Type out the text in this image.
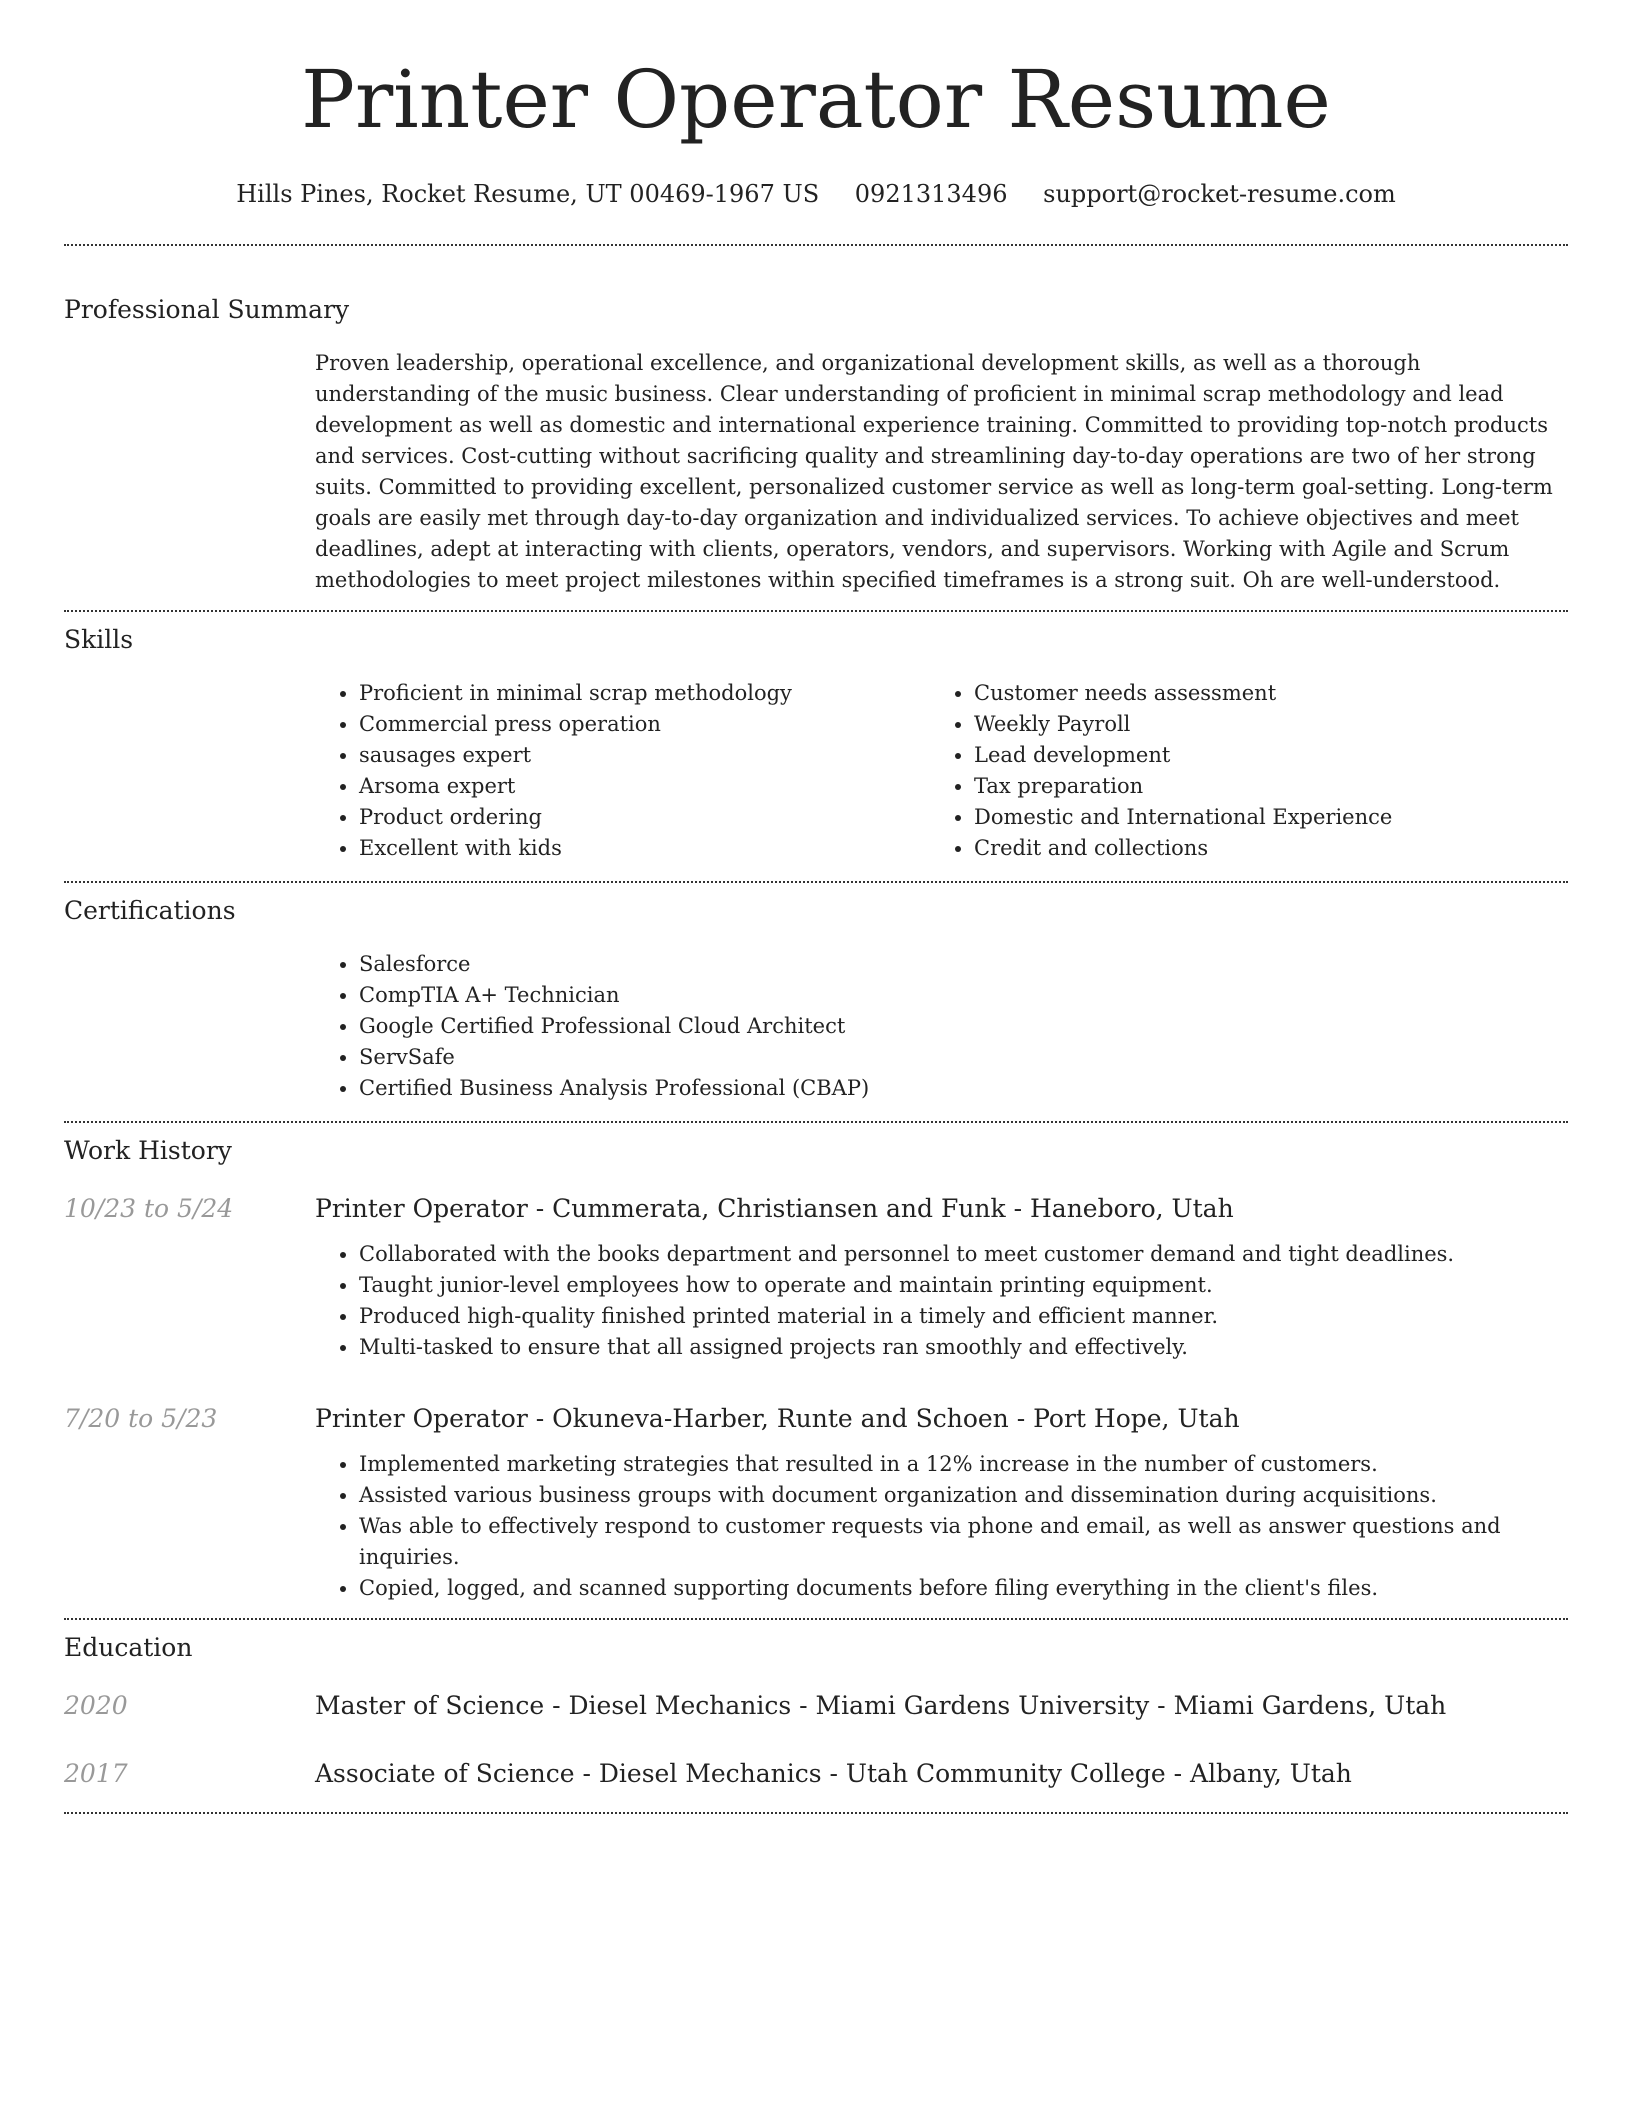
Printer Operator Resume
Hills Pines, Rocket Resume, UT 00469-1967 US 0921313496 support@rocket-resume.com
Professional Summary

Proven leadership, operational excellence, and organizational development skills, as well as a thorough understanding of the music business. Clear understanding of proficient in minimal scrap methodology and lead development as well as domestic and international experience training. Committed to providing top-notch products and services. Cost-cutting without sacrificing quality and streamlining day-to-day operations are two of her strong suits. Committed to providing excellent, personalized customer service as well as long-term goal-setting. Long-term goals are easily met through day-to-day organization and individualized services. To achieve objectives and meet deadlines, adept at interacting with clients, operators, vendors, and supervisors. Working with Agile and Scrum methodologies to meet project milestones within specified timeframes is a strong suit. Oh are well-understood.

Skills
• Proficient in minimal scrap methodology
• Commercial press operation
• sausages expert
• Arsoma expert
• Product ordering
• Excellent with kids
• Customer needs assessment
• Weekly Payroll
• Lead development
• Tax preparation
• Domestic and International Experience
• Credit and collections
Certifications
• Salesforce
• CompTIA A+ Technician
• Google Certified Professional Cloud Architect
• ServSafe
• Certified Business Analysis Professional (CBAP)
Work History
10/23 to 5/24	Printer Operator - Cummerata, Christiansen and Funk - Haneboro, Utah
• Collaborated with the books department and personnel to meet customer demand and tight deadlines.
• Taught junior-level employees how to operate and maintain printing equipment.
• Produced high-quality finished printed material in a timely and efficient manner.
• Multi-tasked to ensure that all assigned projects ran smoothly and effectively.
7/20 to 5/23	Printer Operator - Okuneva-Harber, Runte and Schoen - Port Hope, Utah
• Implemented marketing strategies that resulted in a 12% increase in the number of customers.
• Assisted various business groups with document organization and dissemination during acquisitions.
• Was able to effectively respond to customer requests via phone and email, as well as answer questions and inquiries.
• Copied, logged, and scanned supporting documents before filing everything in the client's files.
Education
2020	Master of Science - Diesel Mechanics - Miami Gardens University - Miami Gardens, Utah
2017	Associate of Science - Diesel Mechanics - Utah Community College - Albany, Utah
